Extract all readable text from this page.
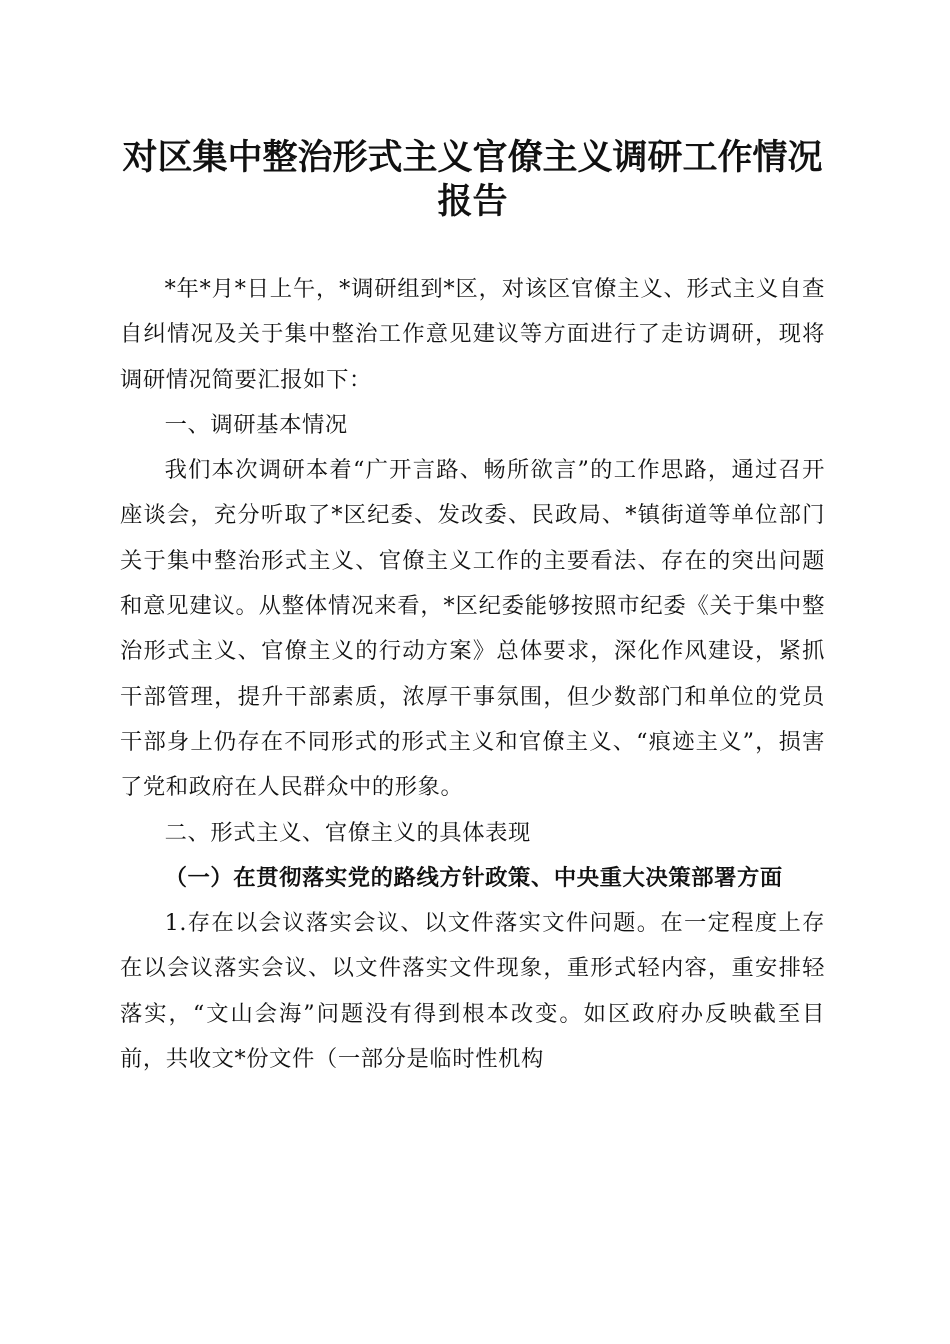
对区集中整治形式主义官僚主义调研工作情况报告

*年*月*日上午，*调研组到*区，对该区官僚主义、形式主义自查自纠情况及关于集中整治工作意见建议等方面进行了走访调研，现将调研情况简要汇报如下：

一、调研基本情况

我们本次调研本着“广开言路、畅所欲言”的工作思路，通过召开座谈会，充分听取了*区纪委、发改委、民政局、*镇街道等单位部门关于集中整治形式主义、官僚主义工作的主要看法、存在的突出问题和意见建议。从整体情况来看，*区纪委能够按照市纪委《关于集中整治形式主义、官僚主义的行动方案》总体要求，深化作风建设，紧抓干部管理，提升干部素质，浓厚干事氛围，但少数部门和单位的党员干部身上仍存在不同形式的形式主义和官僚主义、“痕迹主义”，损害了党和政府在人民群众中的形象。

二、形式主义、官僚主义的具体表现

（一）在贯彻落实党的路线方针政策、中央重大决策部署方面

1.存在以会议落实会议、以文件落实文件问题。在一定程度上存在以会议落实会议、以文件落实文件现象，重形式轻内容，重安排轻落实，“文山会海”问题没有得到根本改变。如区政府办反映截至目前，共收文*份文件（一部分是临时性机构
